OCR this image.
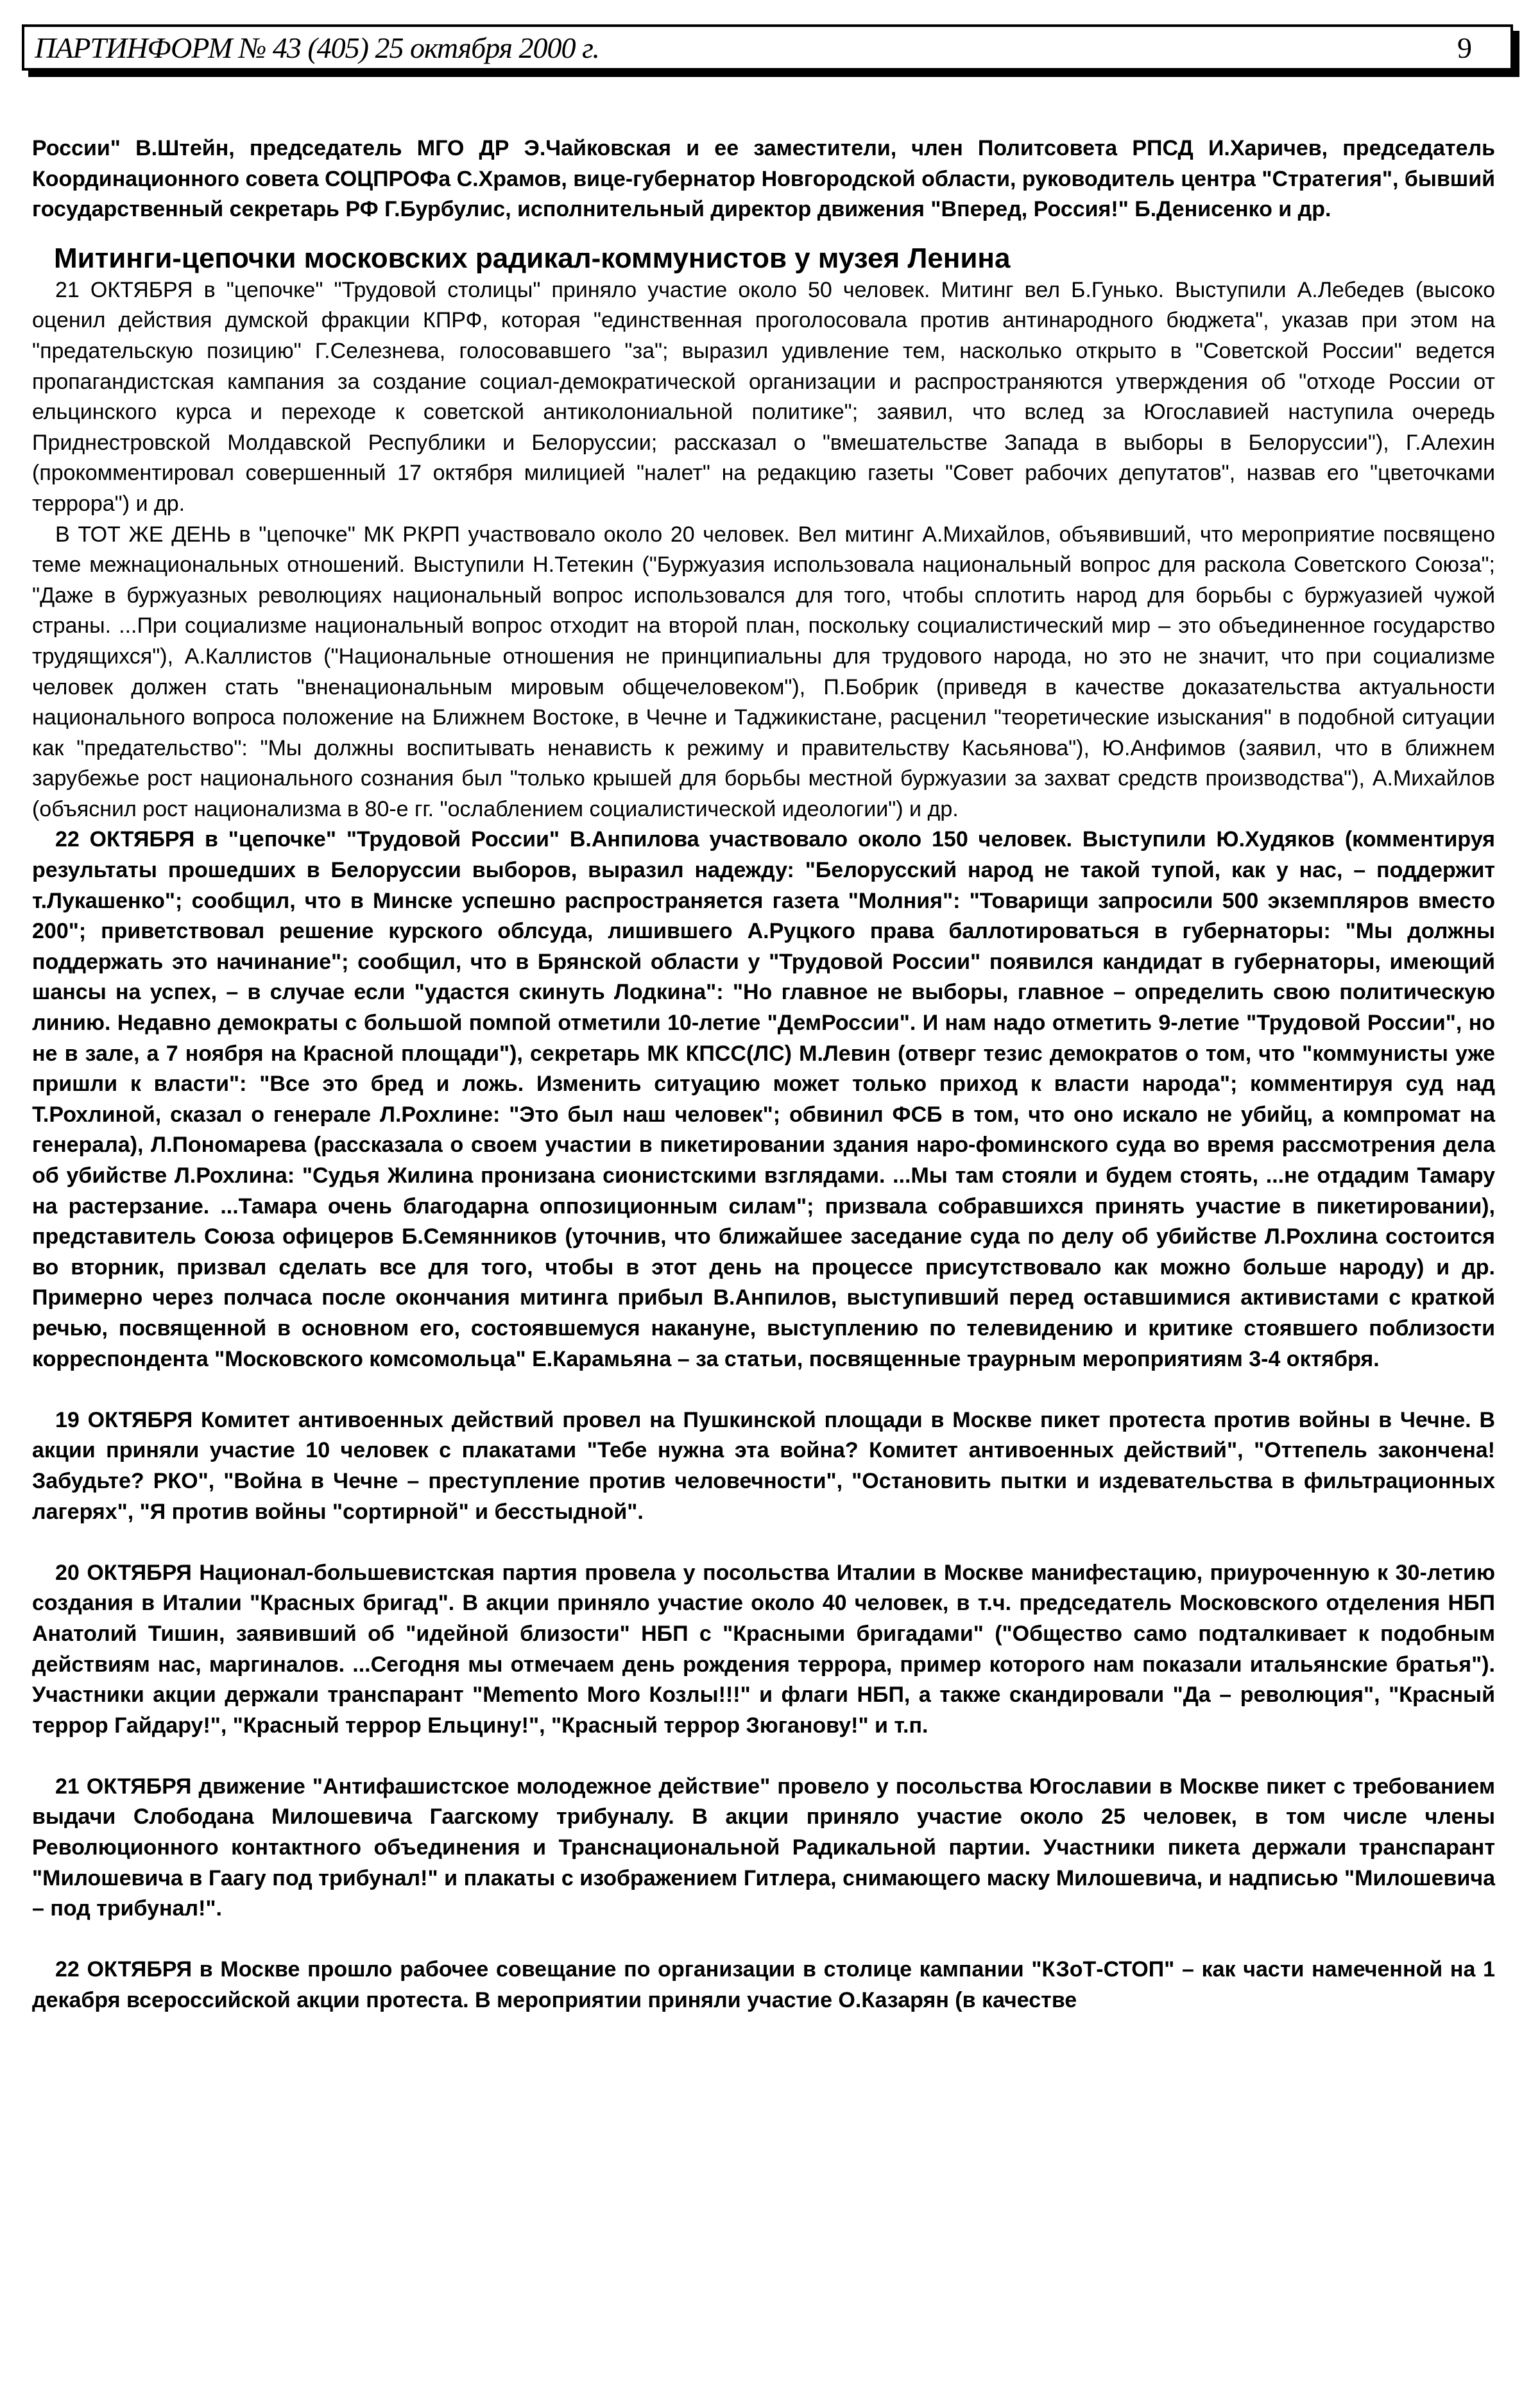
ПАРТИНФОРМ № 43 (405) 25 октября 2000 г.	9

России" В.Штейн, председатель МГО ДР Э.Чайковская и ее заместители, член Политсовета РПСД И.Харичев, председатель Координационного совета СОЦПРОФа С.Храмов, вице-губернатор Новгородской области, руководитель центра "Стратегия", бывший государственный секретарь РФ Г.Бурбулис, исполнительный директор движения "Вперед, Россия!" Б.Денисенко и др.

Митинги-цепочки московских радикал-коммунистов у музея Ленина

21 ОКТЯБРЯ в "цепочке" "Трудовой столицы" приняло участие около 50 человек. Митинг вел Б.Гунько. Выступили А.Лебедев (высоко оценил действия думской фракции КПРФ, которая "единственная проголосовала против антинародного бюджета", указав при этом на "предательскую позицию" Г.Селезнева, голосовавшего "за"; выразил удивление тем, насколько открыто в "Советской России" ведется пропагандистская кампания за создание социал-демократической организации и распространяются утверждения об "отходе России от ельцинского курса и переходе к советской антиколониальной политике"; заявил, что вслед за Югославией наступила очередь Приднестровской Молдавской Республики и Белоруссии; рассказал о "вмешательстве Запада в выборы в Белоруссии"), Г.Алехин (прокомментировал совершенный 17 октября милицией "налет" на редакцию газеты "Совет рабочих депутатов", назвав его "цветочками террора") и др.

В ТОТ ЖЕ ДЕНЬ в "цепочке" МК РКРП участвовало около 20 человек. Вел митинг А.Михайлов, объявивший, что мероприятие посвящено теме межнациональных отношений. Выступили Н.Тетекин ("Буржуазия использовала национальный вопрос для раскола Советского Союза"; "Даже в буржуазных революциях национальный вопрос использовался для того, чтобы сплотить народ для борьбы с буржуазией чужой страны. ...При социализме национальный вопрос отходит на второй план, поскольку социалистический мир – это объединенное государство трудящихся"), А.Каллистов ("Национальные отношения не принципиальны для трудового народа, но это не значит, что при социализме человек должен стать "вненациональным мировым общечеловеком"), П.Бобрик (приведя в качестве доказательства актуальности национального вопроса положение на Ближнем Востоке, в Чечне и Таджикистане, расценил "теоретические изыскания" в подобной ситуации как "предательство": "Мы должны воспитывать ненависть к режиму и правительству Касьянова"), Ю.Анфимов (заявил, что в ближнем зарубежье рост национального сознания был "только крышей для борьбы местной буржуазии за захват средств производства"), А.Михайлов (объяснил рост национализма в 80-е гг. "ослаблением социалистической идеологии") и др.

22 ОКТЯБРЯ в "цепочке" "Трудовой России" В.Анпилова участвовало около 150 человек. Выступили Ю.Худяков (комментируя результаты прошедших в Белоруссии выборов, выразил надежду: "Белорусский народ не такой тупой, как у нас, – поддержит т.Лукашенко"; сообщил, что в Минске успешно распространяется газета "Молния": "Товарищи запросили 500 экземпляров вместо 200"; приветствовал решение курского облсуда, лишившего А.Руцкого права баллотироваться в губернаторы: "Мы должны поддержать это начинание"; сообщил, что в Брянской области у "Трудовой России" появился кандидат в губернаторы, имеющий шансы на успех, – в случае если "удастся скинуть Лодкина": "Но главное не выборы, главное – определить свою политическую линию. Недавно демократы с большой помпой отметили 10-летие "ДемРоссии". И нам надо отметить 9-летие "Трудовой России", но не в зале, а 7 ноября на Красной площади"), секретарь МК КПСС(ЛС) М.Левин (отверг тезис демократов о том, что "коммунисты уже пришли к власти": "Все это бред и ложь. Изменить ситуацию может только приход к власти народа"; комментируя суд над Т.Рохлиной, сказал о генерале Л.Рохлине: "Это был наш человек"; обвинил ФСБ в том, что оно искало не убийц, а компромат на генерала), Л.Пономарева (рассказала о своем участии в пикетировании здания наро-фоминского суда во время рассмотрения дела об убийстве Л.Рохлина: "Судья Жилина пронизана сионистскими взглядами. ...Мы там стояли и будем стоять, ...не отдадим Тамару на растерзание. ...Тамара очень благодарна оппозиционным силам"; призвала собравшихся принять участие в пикетировании), представитель Союза офицеров Б.Семянников (уточнив, что ближайшее заседание суда по делу об убийстве Л.Рохлина состоится во вторник, призвал сделать все для того, чтобы в этот день на процессе присутствовало как можно больше народу) и др. Примерно через полчаса после окончания митинга прибыл В.Анпилов, выступивший перед оставшимися активистами с краткой речью, посвященной в основном его, состоявшемуся накануне, выступлению по телевидению и критике стоявшего поблизости корреспондента "Московского комсомольца" Е.Карамьяна – за статьи, посвященные траурным мероприятиям 3-4 октября.

19 ОКТЯБРЯ Комитет антивоенных действий провел на Пушкинской площади в Москве пикет протеста против войны в Чечне. В акции приняли участие 10 человек с плакатами "Тебе нужна эта война? Комитет антивоенных действий", "Оттепель закончена! Забудьте? РКО", "Война в Чечне – преступление против человечности", "Остановить пытки и издевательства в фильтрационных лагерях", "Я против войны "сортирной" и бесстыдной".

20 ОКТЯБРЯ Национал-большевистская партия провела у посольства Италии в Москве манифестацию, приуроченную к 30-летию создания в Италии "Красных бригад". В акции приняло участие около 40 человек, в т.ч. председатель Московского отделения НБП Анатолий Тишин, заявивший об "идейной близости" НБП с "Красными бригадами" ("Общество само подталкивает к подобным действиям нас, маргиналов. ...Сегодня мы отмечаем день рождения террора, пример которого нам показали итальянские братья"). Участники акции держали транспарант "Memento Moro Козлы!!!" и флаги НБП, а также скандировали "Да – революция", "Красный террор Гайдару!", "Красный террор Ельцину!", "Красный террор Зюганову!" и т.п.

21 ОКТЯБРЯ движение "Антифашистское молодежное действие" провело у посольства Югославии в Москве пикет с требованием выдачи Слободана Милошевича Гаагскому трибуналу. В акции приняло участие около 25 человек, в том числе члены Революционного контактного объединения и Транснациональной Радикальной партии. Участники пикета держали транспарант "Милошевича в Гаагу под трибунал!" и плакаты с изображением Гитлера, снимающего маску Милошевича, и надписью "Милошевича – под трибунал!".

22 ОКТЯБРЯ в Москве прошло рабочее совещание по организации в столице кампании "КЗоТ-СТОП" – как части намеченной на 1 декабря всероссийской акции протеста. В мероприятии приняли участие О.Казарян (в качестве
